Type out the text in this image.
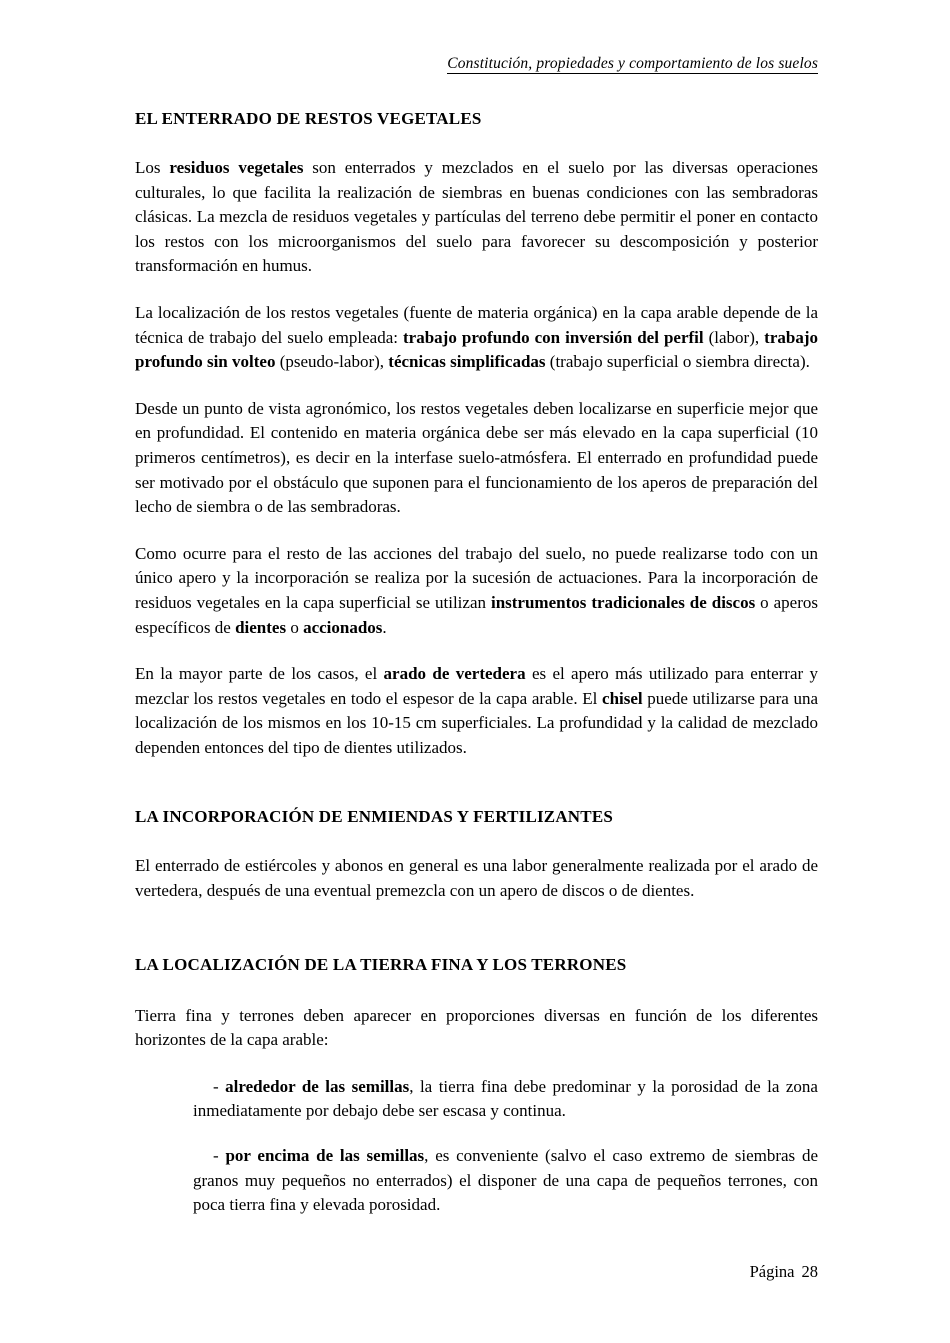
Constitución, propiedades y comportamiento de los suelos
EL ENTERRADO DE RESTOS VEGETALES

Los residuos vegetales son enterrados y mezclados en el suelo por las diversas operaciones culturales, lo que facilita la realización de siembras en buenas condiciones con las sembradoras clásicas. La mezcla de residuos vegetales y partículas del terreno debe permitir el poner en contacto los restos con los microorganismos del suelo para favorecer su descomposición y posterior transformación en humus.

La localización de los restos vegetales (fuente de materia orgánica) en la capa arable depende de la técnica de trabajo del suelo empleada: trabajo profundo con inversión del perfil (labor), trabajo profundo sin volteo (pseudo-labor), técnicas simplificadas (trabajo superficial o siembra directa).

Desde un punto de vista agronómico, los restos vegetales deben localizarse en superficie mejor que en profundidad. El contenido en materia orgánica debe ser más elevado en la capa superficial (10 primeros centímetros), es decir en la interfase suelo-atmósfera. El enterrado en profundidad puede ser motivado por el obstáculo que suponen para el funcionamiento de los aperos de preparación del lecho de siembra o de las sembradoras.

Como ocurre para el resto de las acciones del trabajo del suelo, no puede realizarse todo con un único apero y la incorporación se realiza por la sucesión de actuaciones. Para la incorporación de residuos vegetales en la capa superficial se utilizan instrumentos tradicionales de discos o aperos específicos de dientes o accionados.

En la mayor parte de los casos, el arado de vertedera es el apero más utilizado para enterrar y mezclar los restos vegetales en todo el espesor de la capa arable. El chisel puede utilizarse para una localización de los mismos en los 10-15 cm superficiales. La profundidad y la calidad de mezclado dependen entonces del tipo de dientes utilizados.

LA INCORPORACIÓN DE ENMIENDAS Y FERTILIZANTES

El enterrado de estiércoles y abonos en general es una labor generalmente realizada por el arado de vertedera, después de una eventual premezcla con un apero de discos o de dientes.

LA LOCALIZACIÓN DE LA TIERRA FINA Y LOS TERRONES

Tierra fina y terrones deben aparecer en proporciones diversas en función de los diferentes horizontes de la capa arable:

- alrededor de las semillas, la tierra fina debe predominar y la porosidad de la zona inmediatamente por debajo debe ser escasa y continua.

- por encima de las semillas, es conveniente (salvo el caso extremo de siembras de granos muy pequeños no enterrados) el disponer de una capa de pequeños terrones, con poca tierra fina y elevada porosidad.

Página 28
